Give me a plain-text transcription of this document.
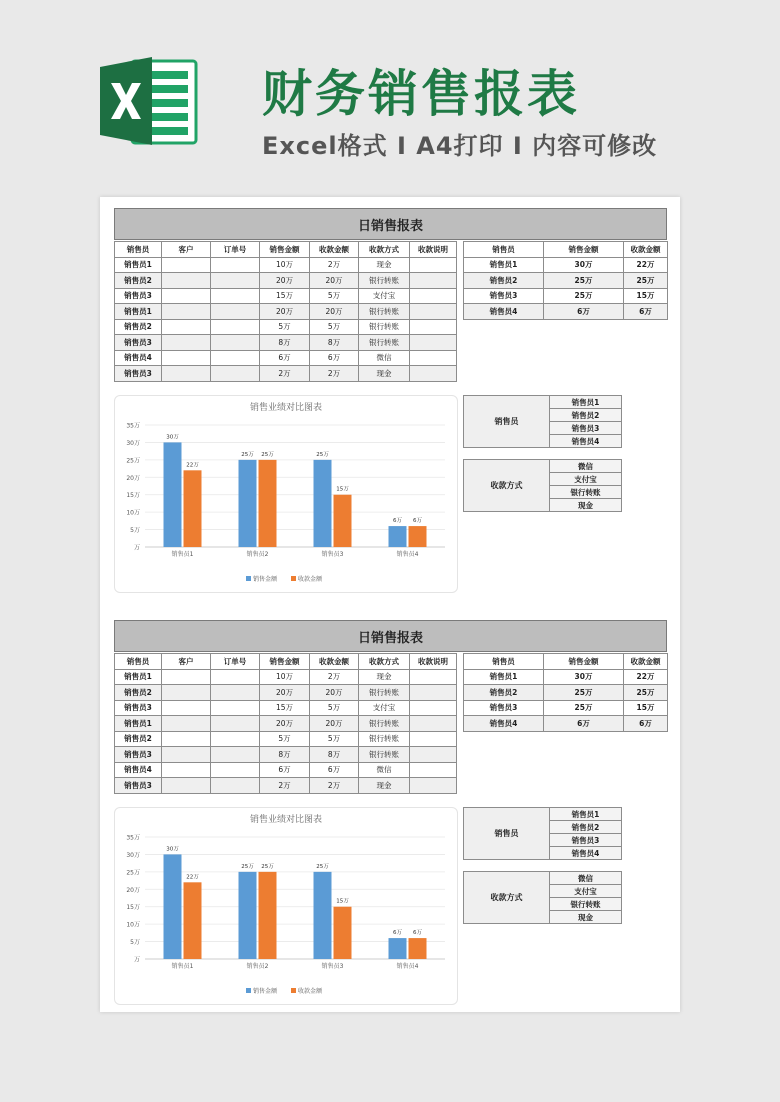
财务销售报表
Excel格式 I A4打印 I 内容可修改
日销售报表
销售员	客户	订单号	销售金额	收款金额	收款方式	收款说明
销售员1			10万	2万	现金	
销售员2			20万	20万	银行转账	
销售员3			15万	5万	支付宝	
销售员1			20万	20万	银行转账	
销售员2			5万	5万	银行转账	
销售员3			8万	8万	银行转账	
销售员4			6万	6万	微信	
销售员3			2万	2万	现金	
销售员	销售金额	收款金额
销售员1	30万	22万
销售员2	25万	25万
销售员3	25万	15万
销售员4	6万	6万
销售业绩对比图表
万
5万
10万
15万
20万
25万
30万
35万
30万
22万
销售员1
25万 25万
销售员2
25万
15万
销售员3
6万 6万
销售员4
销售金额	收款金额
销售员	销售员1
销售员2
销售员3
销售员4
收款方式	微信
支付宝
银行转账
现金
日销售报表
销售员	客户	订单号	销售金额	收款金额	收款方式	收款说明
销售员1			10万	2万	现金	
销售员2			20万	20万	银行转账	
销售员3			15万	5万	支付宝	
销售员1			20万	20万	银行转账	
销售员2			5万	5万	银行转账	
销售员3			8万	8万	银行转账	
销售员4			6万	6万	微信	
销售员3			2万	2万	现金	
销售员	销售金额	收款金额
销售员1	30万	22万
销售员2	25万	25万
销售员3	25万	15万
销售员4	6万	6万
销售业绩对比图表
万
5万
10万
15万
20万
25万
30万
35万
30万
22万
销售员1
25万 25万
销售员2
25万
15万
销售员3
6万 6万
销售员4
销售金额	收款金额
销售员	销售员1
销售员2
销售员3
销售员4
收款方式	微信
支付宝
银行转账
现金
